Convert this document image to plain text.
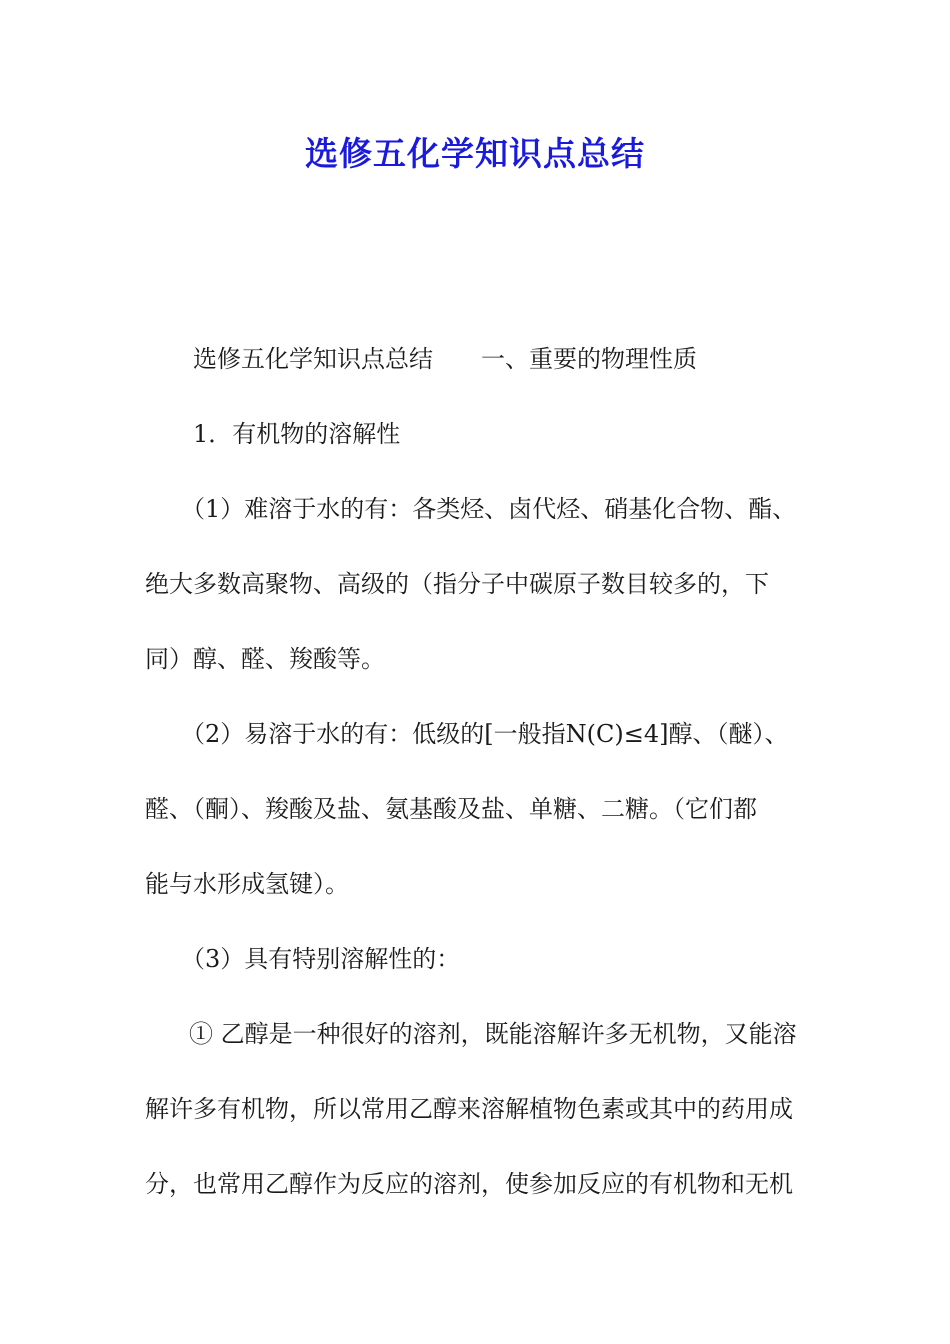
选修五化学知识点总结
选修五化学知识点总结　　一、重要的物理性质
1．有机物的溶解性
（1）难溶于水的有：各类烃、卤代烃、硝基化合物、酯、
绝大多数高聚物、高级的（指分子中碳原子数目较多的，下
同）醇、醛、羧酸等。
（2）易溶于水的有：低级的[一般指N(C)≤4]醇、（醚）、
醛、（酮）、羧酸及盐、氨基酸及盐、单糖、二糖。（它们都
能与水形成氢键）。
（3）具有特别溶解性的：
① 乙醇是一种很好的溶剂，既能溶解许多无机物，又能溶
解许多有机物，所以常用乙醇来溶解植物色素或其中的药用成
分，也常用乙醇作为反应的溶剂，使参加反应的有机物和无机
